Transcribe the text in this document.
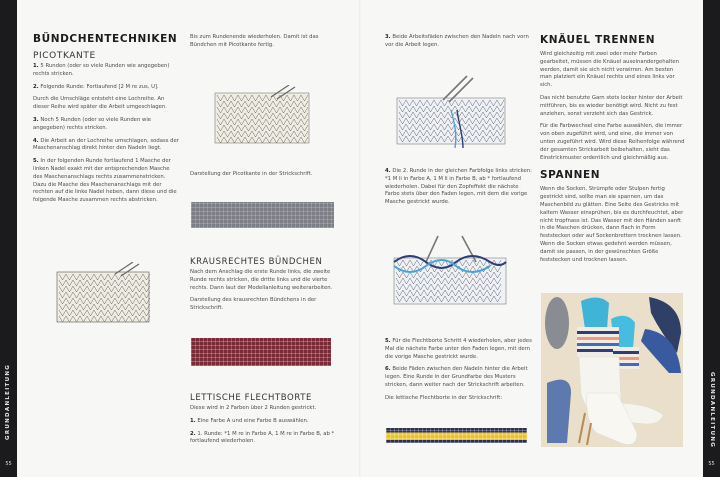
GRUNDANLEITUNG
55
GRUNDANLEITUNG
55
BÜNDCHENTECHNIKEN
PICOTKANTE

1. 5 Runden (oder so viele Runden wie angegeben) rechts stricken.

2. Folgende Runde: Fortlaufend [2 M re zus, U].

Durch die Umschläge entsteht eine Lochreihe. An dieser Reihe wird später die Arbeit umgeschlagen.

3. Noch 5 Runden (oder so viele Runden wie angegeben) rechts stricken.

4. Die Arbeit an der Lochreihe umschlagen, sodass der Maschenanschlag direkt hinter den Nadeln liegt.

5. In der folgenden Runde fortlaufend 1 Masche der linken Nadel exakt mit der entsprechenden Masche des Maschenanschlags rechts zusammenstricken. Dazu die Masche des Maschenanschlags mit der rechten auf die linke Nadel heben, dann diese und die folgende Masche zusammen rechts abstricken.

Bis zum Rundenende wiederholen. Damit ist das Bündchen mit Picotkante fertig.

Darstellung der Picotkante in der Strickschrift.

KRAUSRECHTES BÜNDCHEN

Nach dem Anschlag die erste Runde links, die zweite Runde rechts stricken, die dritte links und die vierte rechts. Dann laut der Modellanleitung weiterarbeiten.

Darstellung des krausrechten Bündchens in der Strickschrift.

LETTISCHE FLECHTBORTE

Diese wird in 2 Farben über 2 Runden gestrickt.

1. Eine Farbe A und eine Farbe B auswählen.

2. 1. Runde: *1 M re in Farbe A, 1 M re in Farbe B, ab * fortlaufend wiederholen.

3. Beide Arbeitsfäden zwischen den Nadeln nach vorn vor die Arbeit legen.

4. Die 2. Runde in der gleichen Farbfolge links stricken: *1 M li in Farbe A, 1 M li in Farbe B, ab * fortlaufend wiederholen. Dabei für den Zopfeffekt die nächste Farbe stets über den Faden legen, mit dem die vorige Masche gestrickt wurde.

5. Für die Flechtborte Schritt 4 wiederholen, aber jedes Mal die nächste Farbe unter den Faden legen, mit dem die vorige Masche gestrickt wurde.

6. Beide Fäden zwischen den Nadeln hinter die Arbeit legen. Eine Runde in der Grundfarbe des Musters stricken, dann weiter nach der Strickschrift arbeiten.

Die lettische Flechtborte in der Strickschrift:

KNÄUEL TRENNEN

Wird gleichzeitig mit zwei oder mehr Farben gearbeitet, müssen die Knäuel auseinandergehalten werden, damit sie sich nicht verwirren. Am besten man platziert ein Knäuel rechts und eines links vor sich.

Das nicht benutzte Garn stets locker hinter der Arbeit mitführen, bis es wieder benötigt wird. Nicht zu fest anziehen, sonst verzieht sich das Gestrick.

Für die Farbwechsel eine Farbe auswählen, die immer von oben zugeführt wird, und eine, die immer von unten zugeführt wird. Wird diese Reihenfolge während der gesamten Strickarbeit beibehalten, sieht das Einstrickmuster ordentlich und gleichmäßig aus.

SPANNEN

Wenn die Socken, Strümpfe oder Stulpen fertig gestrickt sind, sollte man sie spannen, um das Maschenbild zu glätten. Eine Seite des Gestricks mit kaltem Wasser einsprühen, bis es durchfeuchtet, aber nicht tropfnass ist. Das Wasser mit den Händen sanft in die Maschen drücken, dann flach in Form feststecken oder auf Sockenbrettern trocknen lassen. Wenn die Socken etwas gedehnt werden müssen, damit sie passen, in der gewünschten Größe feststecken und trocknen lassen.
